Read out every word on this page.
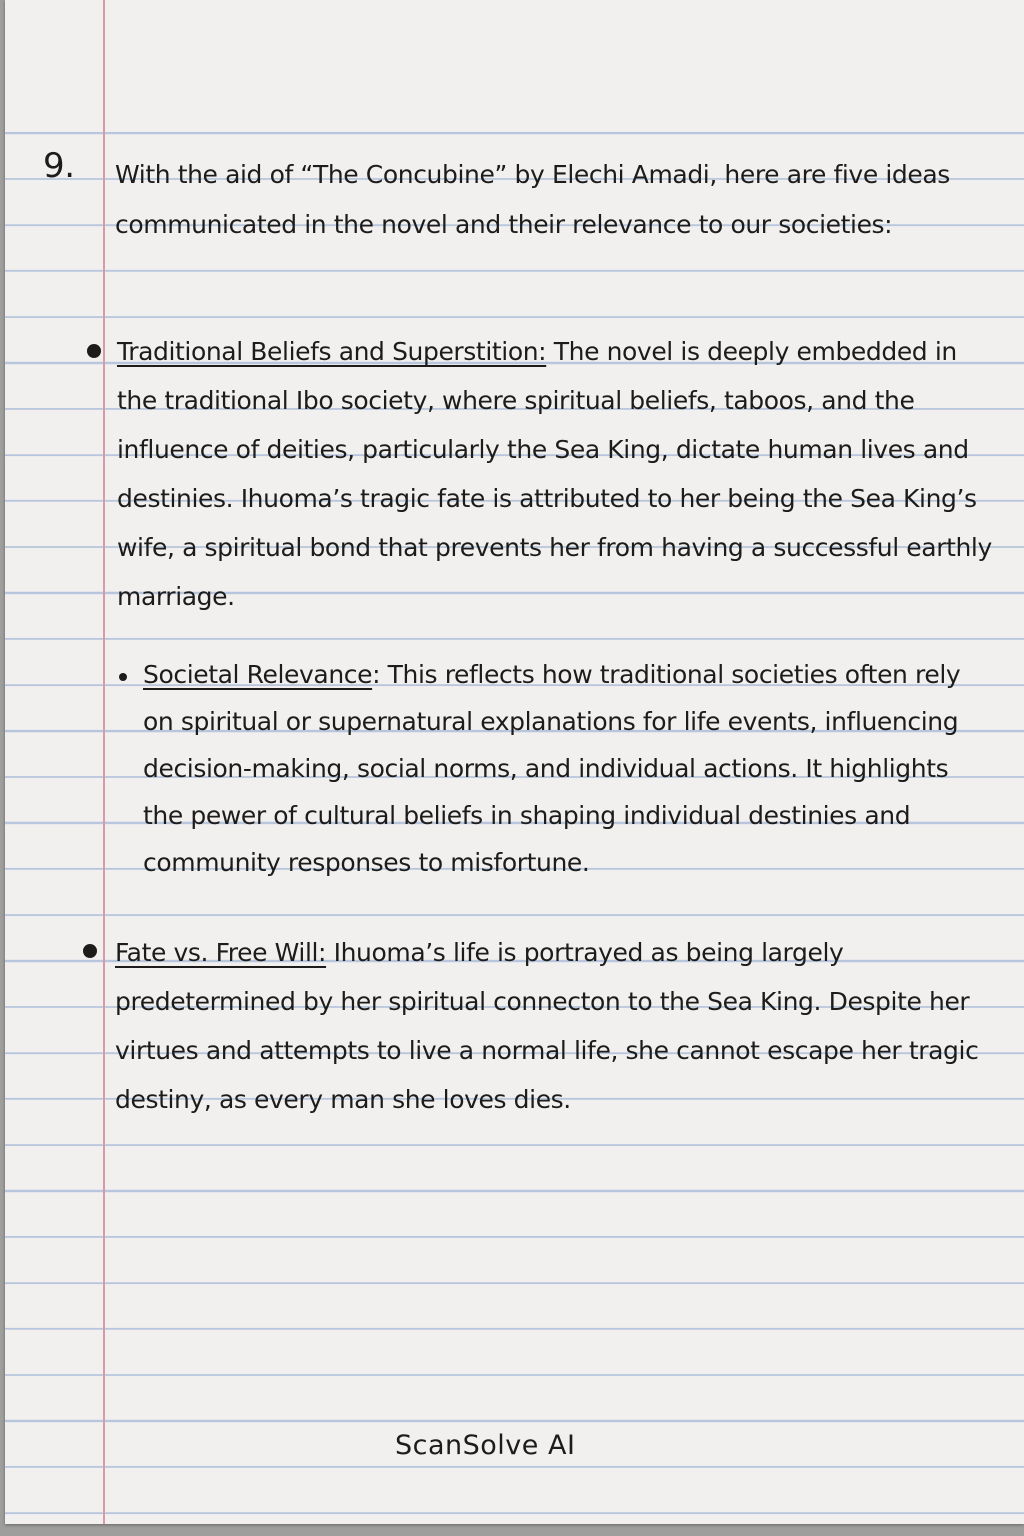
9. With the aid of “The Concubine” by Elechi Amadi, here are five ideas communicated in the novel and their relevance to our societies:
Traditional Beliefs and Superstition: The novel is deeply embedded in the traditional Ibo society, where spiritual beliefs, taboos, and the influence of deities, particularly the Sea King, dictate human lives and destinies. Ihuoma’s tragic fate is attributed to her being the Sea King’s wife, a spiritual bond that prevents her from having a successful earthly marriage.
Societal Relevance: This reflects how traditional societies often rely on spiritual or supernatural explanations for life events, influencing decision-making, social norms, and individual actions. It highlights the pewer of cultural beliefs in shaping individual destinies and community responses to misfortune.
Fate vs. Free Will: Ihuoma’s life is portrayed as being largely predetermined by her spiritual connecton to the Sea King. Despite her virtues and attempts to live a normal life, she cannot escape her tragic destiny, as every man she loves dies.
ScanSolve AI
